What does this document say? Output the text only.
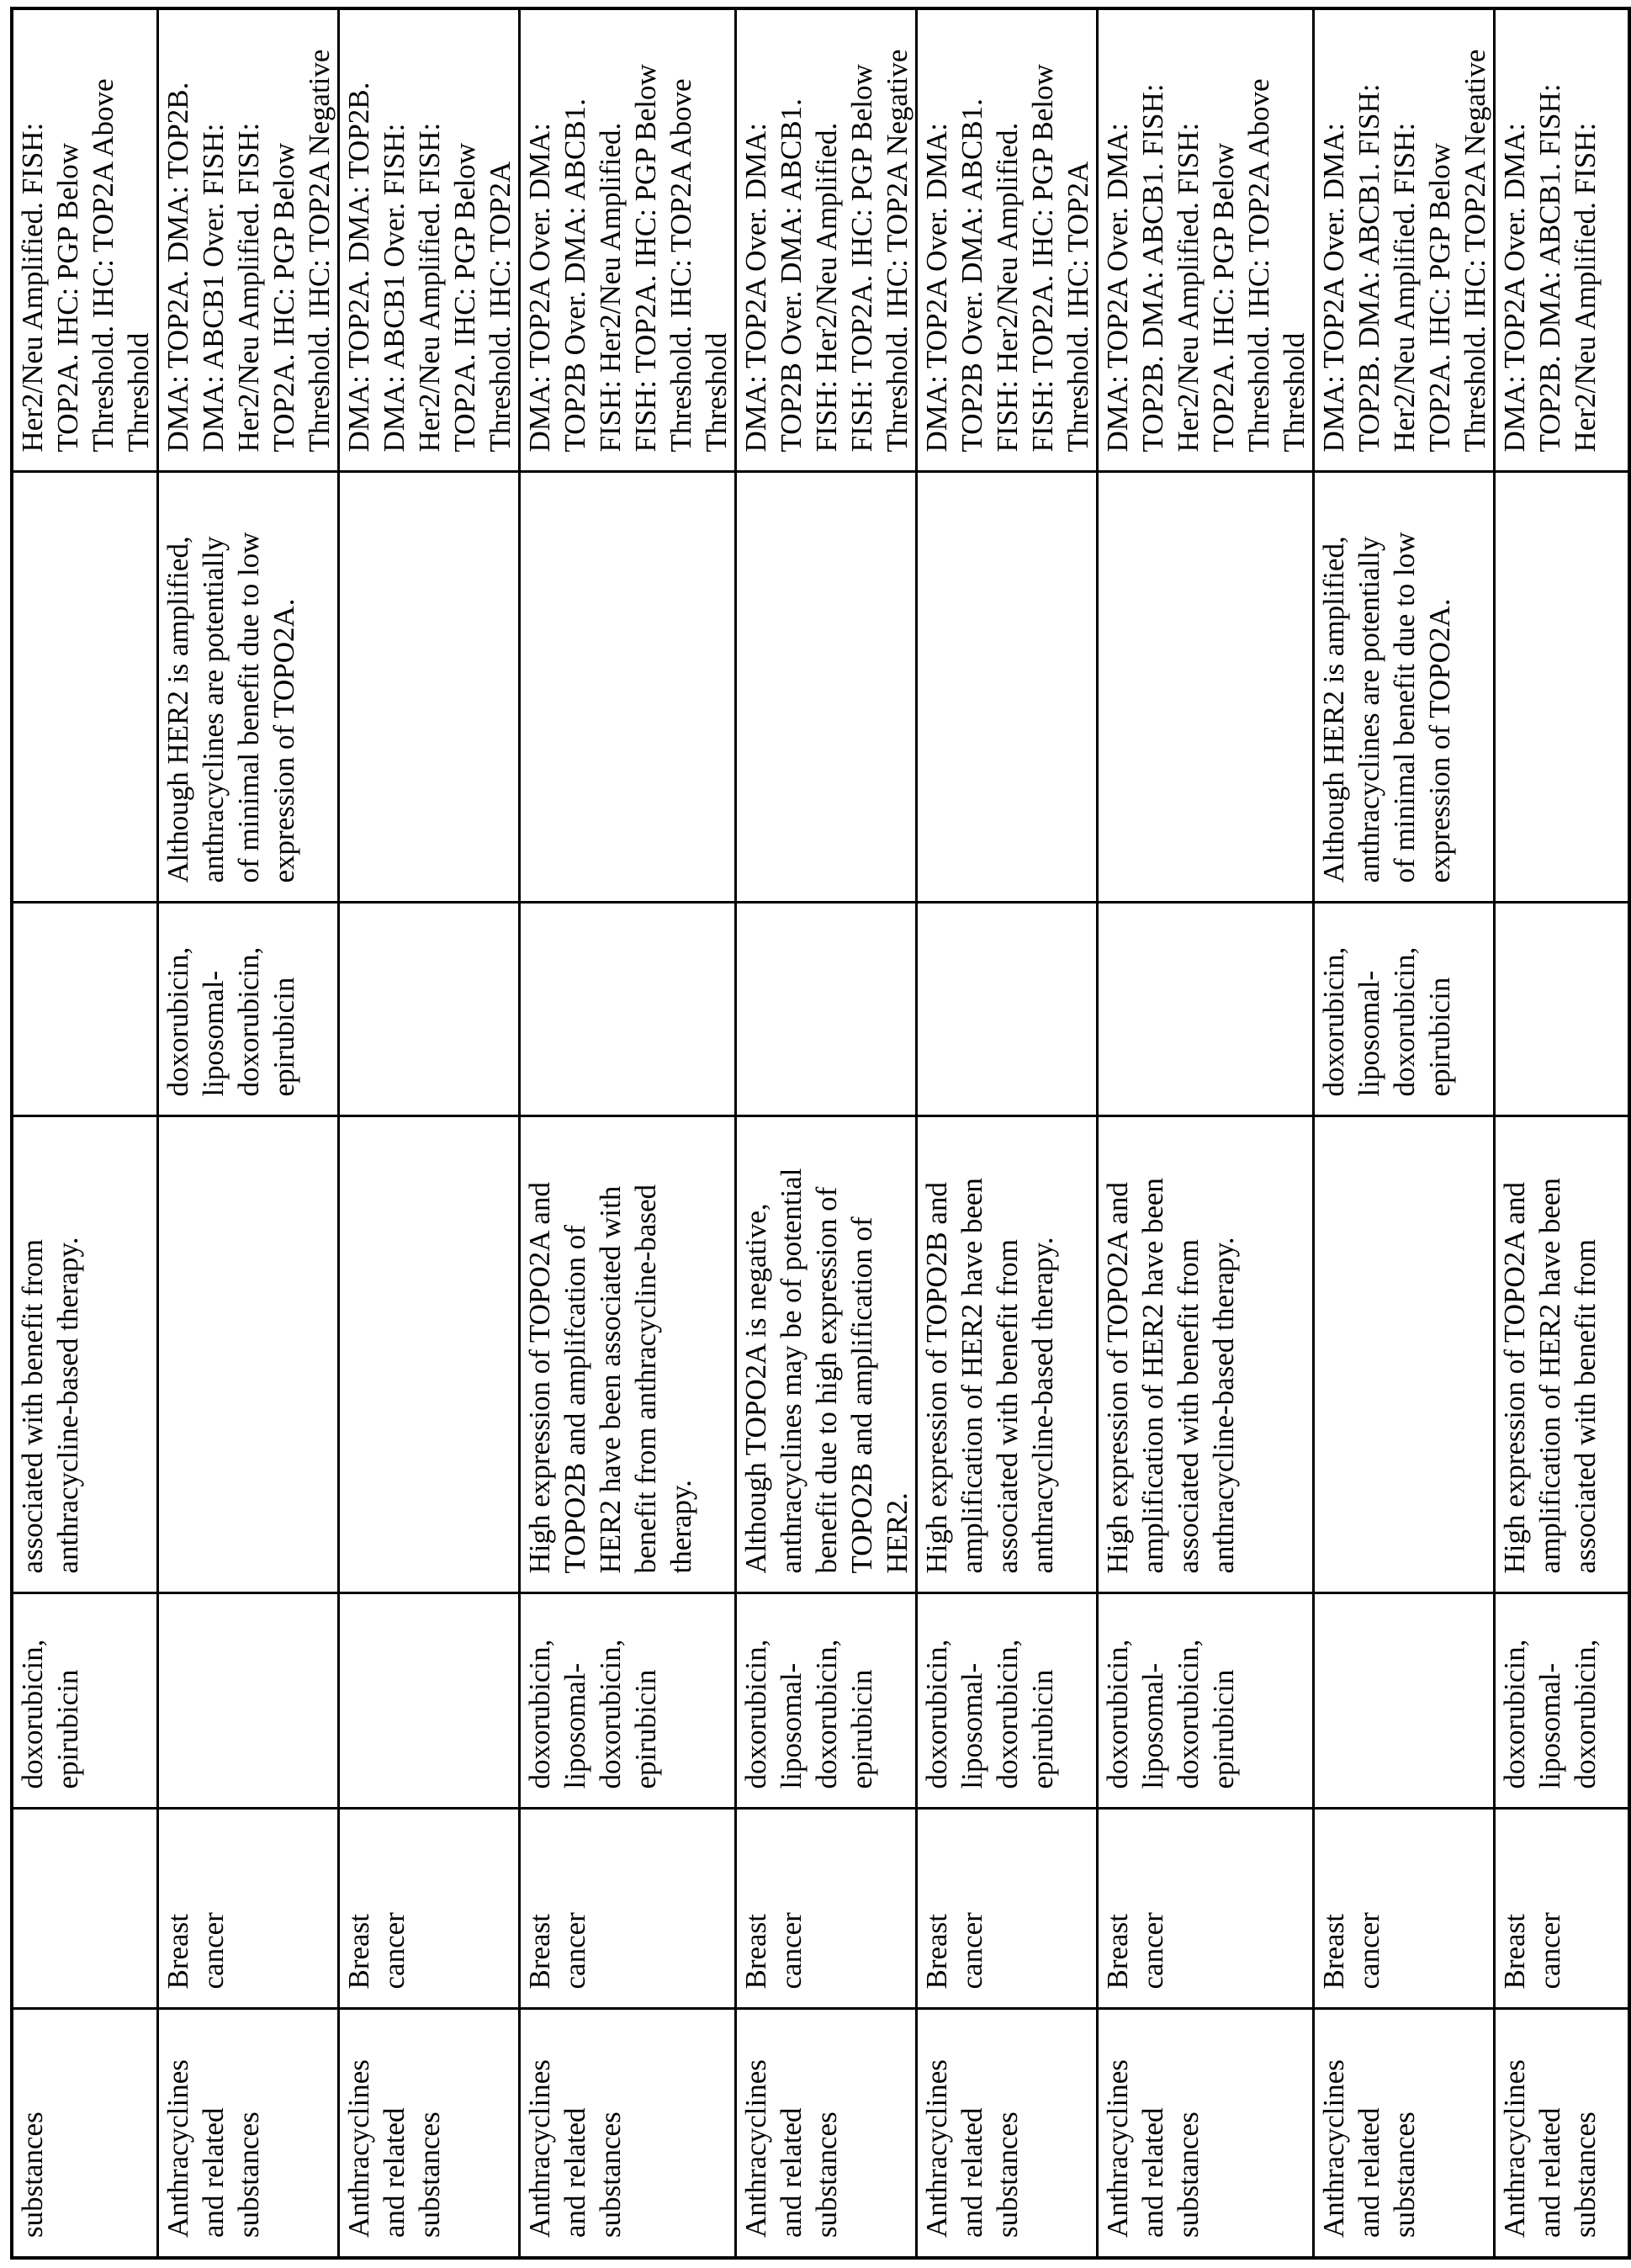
substances		doxorubicin,
epirubicin	associated with benefit from
anthracycline-based therapy.			Her2/Neu Amplified. FISH:
TOP2A. IHC: PGP Below
Threshold. IHC: TOP2A Above
Threshold
Anthracyclines
and related
substances	Breast
cancer			doxorubicin,
liposomal-
doxorubicin,
epirubicin	Although HER2 is amplified,
anthracyclines are potentially
of minimal benefit due to low
expression of TOPO2A.	DMA: TOP2A. DMA: TOP2B.
DMA: ABCB1 Over. FISH:
Her2/Neu Amplified. FISH:
TOP2A. IHC: PGP Below
Threshold. IHC: TOP2A Negative
Anthracyclines
and related
substances	Breast
cancer					DMA: TOP2A. DMA: TOP2B.
DMA: ABCB1 Over. FISH:
Her2/Neu Amplified. FISH:
TOP2A. IHC: PGP Below
Threshold. IHC: TOP2A
Anthracyclines
and related
substances	Breast
cancer	doxorubicin,
liposomal-
doxorubicin,
epirubicin	High expression of TOPO2A and
TOPO2B and amplifcation of
HER2 have been associated with
benefit from anthracycline-based
therapy.			DMA: TOP2A Over. DMA:
TOP2B Over. DMA: ABCB1.
FISH: Her2/Neu Amplified.
FISH: TOP2A. IHC: PGP Below
Threshold. IHC: TOP2A Above
Threshold
Anthracyclines
and related
substances	Breast
cancer	doxorubicin,
liposomal-
doxorubicin,
epirubicin	Although TOPO2A is negative,
anthracyclines may be of potential
benefit due to high expression of
TOPO2B and amplification of
HER2.			DMA: TOP2A Over. DMA:
TOP2B Over. DMA: ABCB1.
FISH: Her2/Neu Amplified.
FISH: TOP2A. IHC: PGP Below
Threshold. IHC: TOP2A Negative
Anthracyclines
and related
substances	Breast
cancer	doxorubicin,
liposomal-
doxorubicin,
epirubicin	High expression of TOPO2B and
amplification of HER2 have been
associated with benefit from
anthracycline-based therapy.			DMA: TOP2A Over. DMA:
TOP2B Over. DMA: ABCB1.
FISH: Her2/Neu Amplified.
FISH: TOP2A. IHC: PGP Below
Threshold. IHC: TOP2A
Anthracyclines
and related
substances	Breast
cancer	doxorubicin,
liposomal-
doxorubicin,
epirubicin	High expression of TOPO2A and
amplification of HER2 have been
associated with benefit from
anthracycline-based therapy.			DMA: TOP2A Over. DMA:
TOP2B. DMA: ABCB1. FISH:
Her2/Neu Amplified. FISH:
TOP2A. IHC: PGP Below
Threshold. IHC: TOP2A Above
Threshold
Anthracyclines
and related
substances	Breast
cancer			doxorubicin,
liposomal-
doxorubicin,
epirubicin	Although HER2 is amplified,
anthracyclines are potentially
of minimal benefit due to low
expression of TOPO2A.	DMA: TOP2A Over. DMA:
TOP2B. DMA: ABCB1. FISH:
Her2/Neu Amplified. FISH:
TOP2A. IHC: PGP Below
Threshold. IHC: TOP2A Negative
Anthracyclines
and related
substances	Breast
cancer	doxorubicin,
liposomal-
doxorubicin,	High expression of TOPO2A and
amplification of HER2 have been
associated with benefit from			DMA: TOP2A Over. DMA:
TOP2B. DMA: ABCB1. FISH:
Her2/Neu Amplified. FISH:
